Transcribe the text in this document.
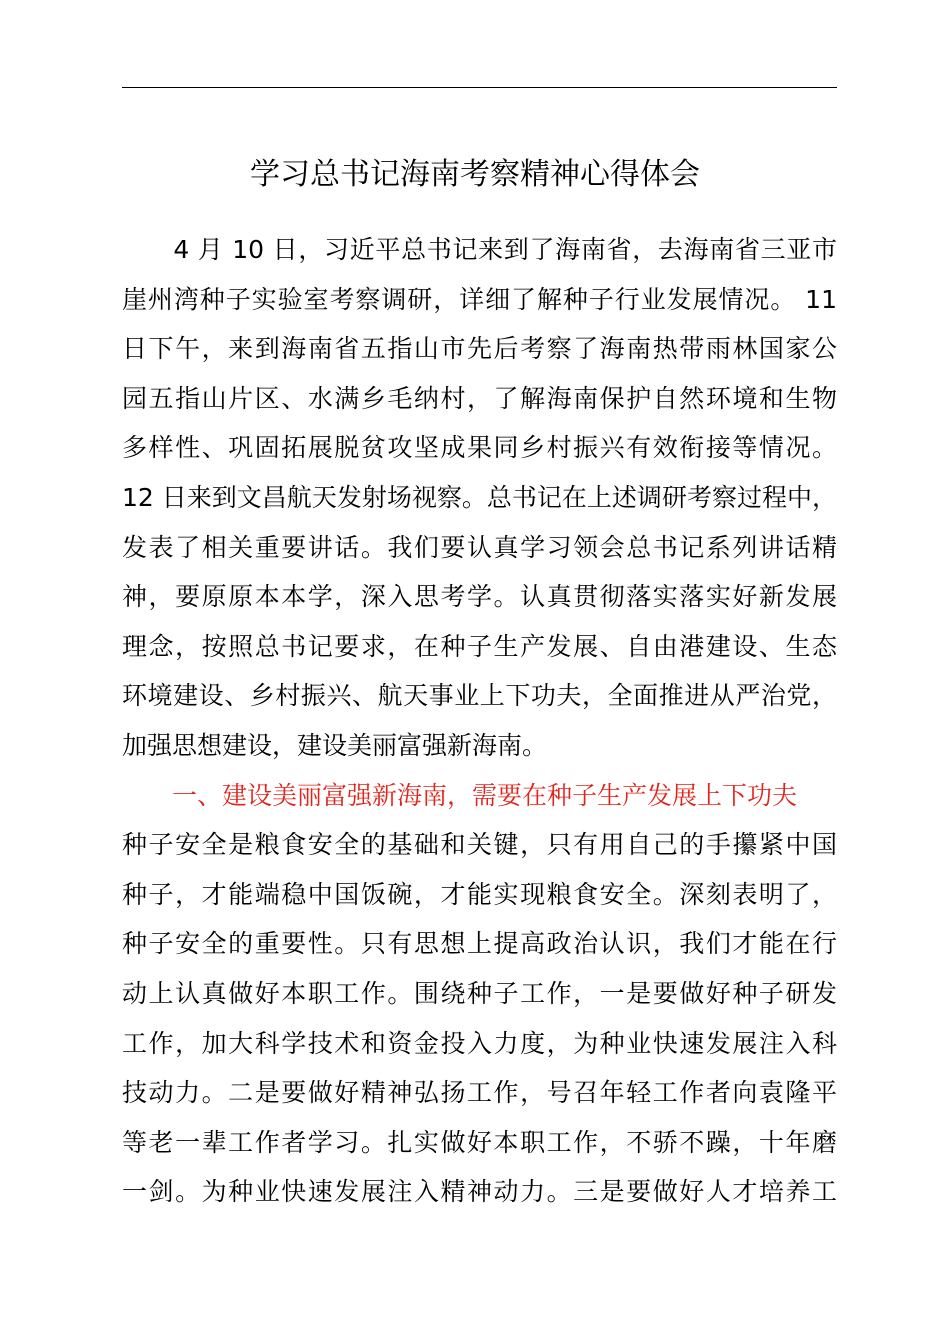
学习总书记海南考察精神心得体会
　　4 月 10 日，习近平总书记来到了海南省，去海南省三亚市
崖州湾种子实验室考察调研，详细了解种子行业发展情况。 11
日下午，来到海南省五指山市先后考察了海南热带雨林国家公
园五指山片区、水满乡毛纳村，了解海南保护自然环境和生物
多样性、巩固拓展脱贫攻坚成果同乡村振兴有效衔接等情况。
12 日来到文昌航天发射场视察。总书记在上述调研考察过程中，
发表了相关重要讲话。我们要认真学习领会总书记系列讲话精
神，要原原本本学，深入思考学。认真贯彻落实落实好新发展
理念，按照总书记要求，在种子生产发展、自由港建设、生态
环境建设、乡村振兴、航天事业上下功夫，全面推进从严治党，
加强思想建设，建设美丽富强新海南。
　　一、建设美丽富强新海南，需要在种子生产发展上下功夫
种子安全是粮食安全的基础和关键，只有用自己的手攥紧中国
种子，才能端稳中国饭碗，才能实现粮食安全。深刻表明了，
种子安全的重要性。只有思想上提高政治认识，我们才能在行
动上认真做好本职工作。围绕种子工作，一是要做好种子研发
工作，加大科学技术和资金投入力度，为种业快速发展注入科
技动力。二是要做好精神弘扬工作，号召年轻工作者向袁隆平
等老一辈工作者学习。扎实做好本职工作，不骄不躁，十年磨
一剑。为种业快速发展注入精神动力。三是要做好人才培养工
